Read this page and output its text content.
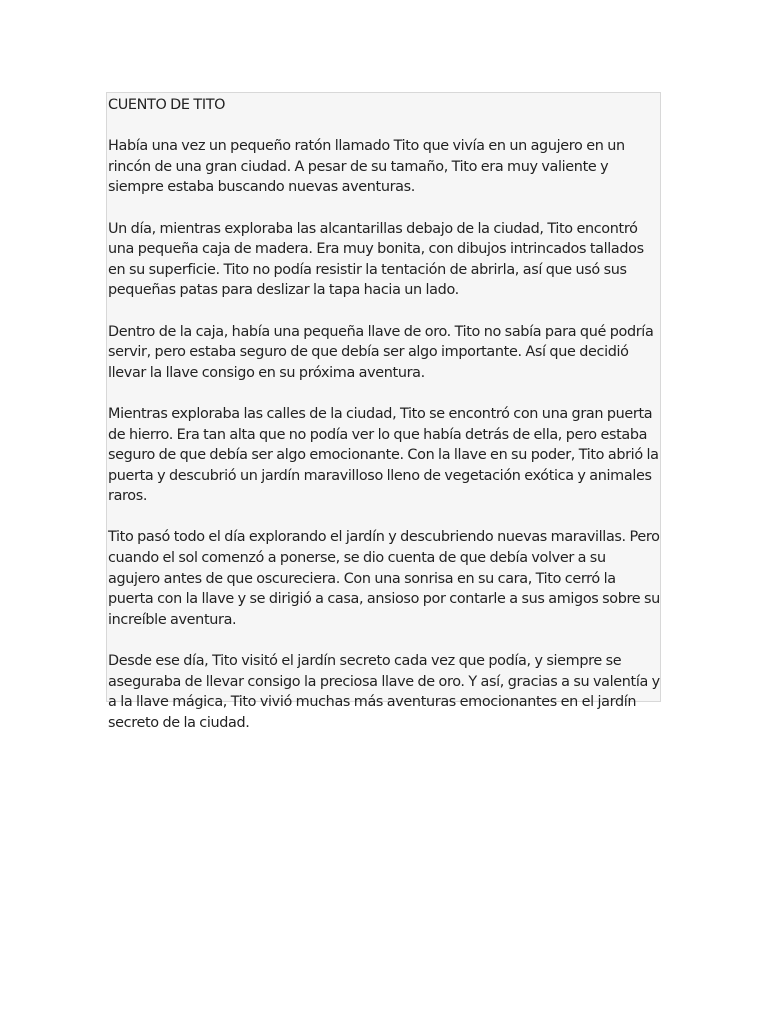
CUENTO DE TITO

Había una vez un pequeño ratón llamado Tito que vivía en un agujero en un rincón de una gran ciudad. A pesar de su tamaño, Tito era muy valiente y siempre estaba buscando nuevas aventuras.

Un día, mientras exploraba las alcantarillas debajo de la ciudad, Tito encontró una pequeña caja de madera. Era muy bonita, con dibujos intrincados tallados en su superficie. Tito no podía resistir la tentación de abrirla, así que usó sus pequeñas patas para deslizar la tapa hacia un lado.

Dentro de la caja, había una pequeña llave de oro. Tito no sabía para qué podría servir, pero estaba seguro de que debía ser algo importante. Así que decidió llevar la llave consigo en su próxima aventura.

Mientras exploraba las calles de la ciudad, Tito se encontró con una gran puerta de hierro. Era tan alta que no podía ver lo que había detrás de ella, pero estaba seguro de que debía ser algo emocionante. Con la llave en su poder, Tito abrió la puerta y descubrió un jardín maravilloso lleno de vegetación exótica y animales raros.

Tito pasó todo el día explorando el jardín y descubriendo nuevas maravillas. Pero cuando el sol comenzó a ponerse, se dio cuenta de que debía volver a su agujero antes de que oscureciera. Con una sonrisa en su cara, Tito cerró la puerta con la llave y se dirigió a casa, ansioso por contarle a sus amigos sobre su increíble aventura.

Desde ese día, Tito visitó el jardín secreto cada vez que podía, y siempre se aseguraba de llevar consigo la preciosa llave de oro. Y así, gracias a su valentía y a la llave mágica, Tito vivió muchas más aventuras emocionantes en el jardín secreto de la ciudad.
